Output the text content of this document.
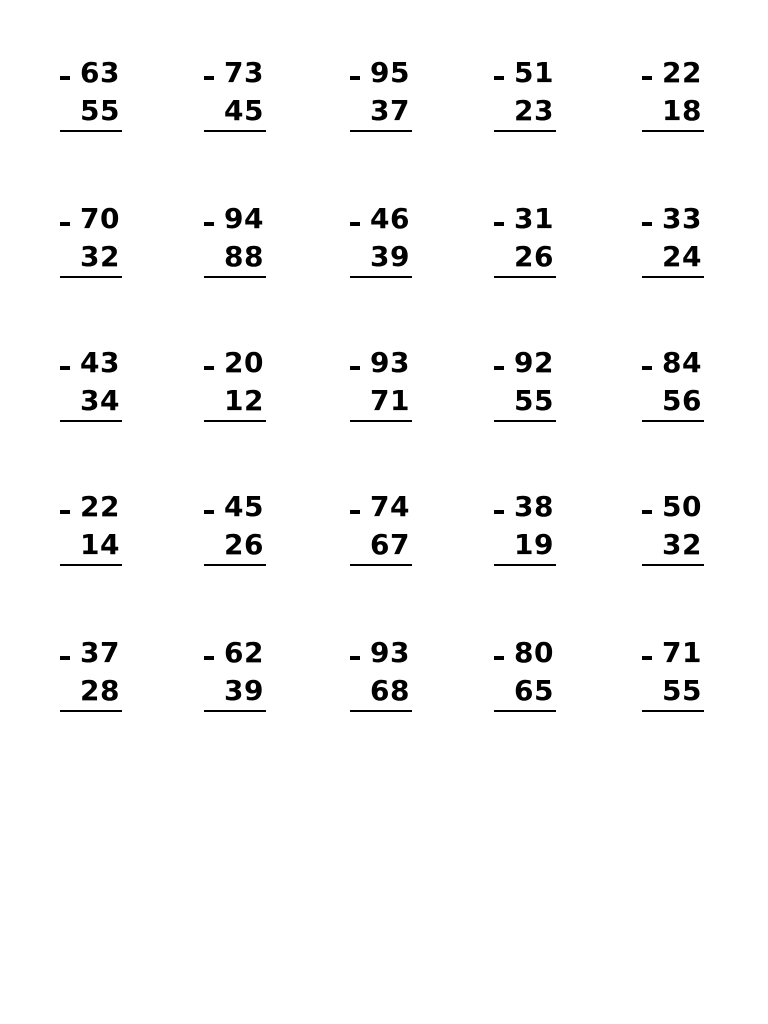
63
55
73
45
95
37
51
23
22
18
70
32
94
88
46
39
31
26
33
24
43
34
20
12
93
71
92
55
84
56
22
14
45
26
74
67
38
19
50
32
37
28
62
39
93
68
80
65
71
55
